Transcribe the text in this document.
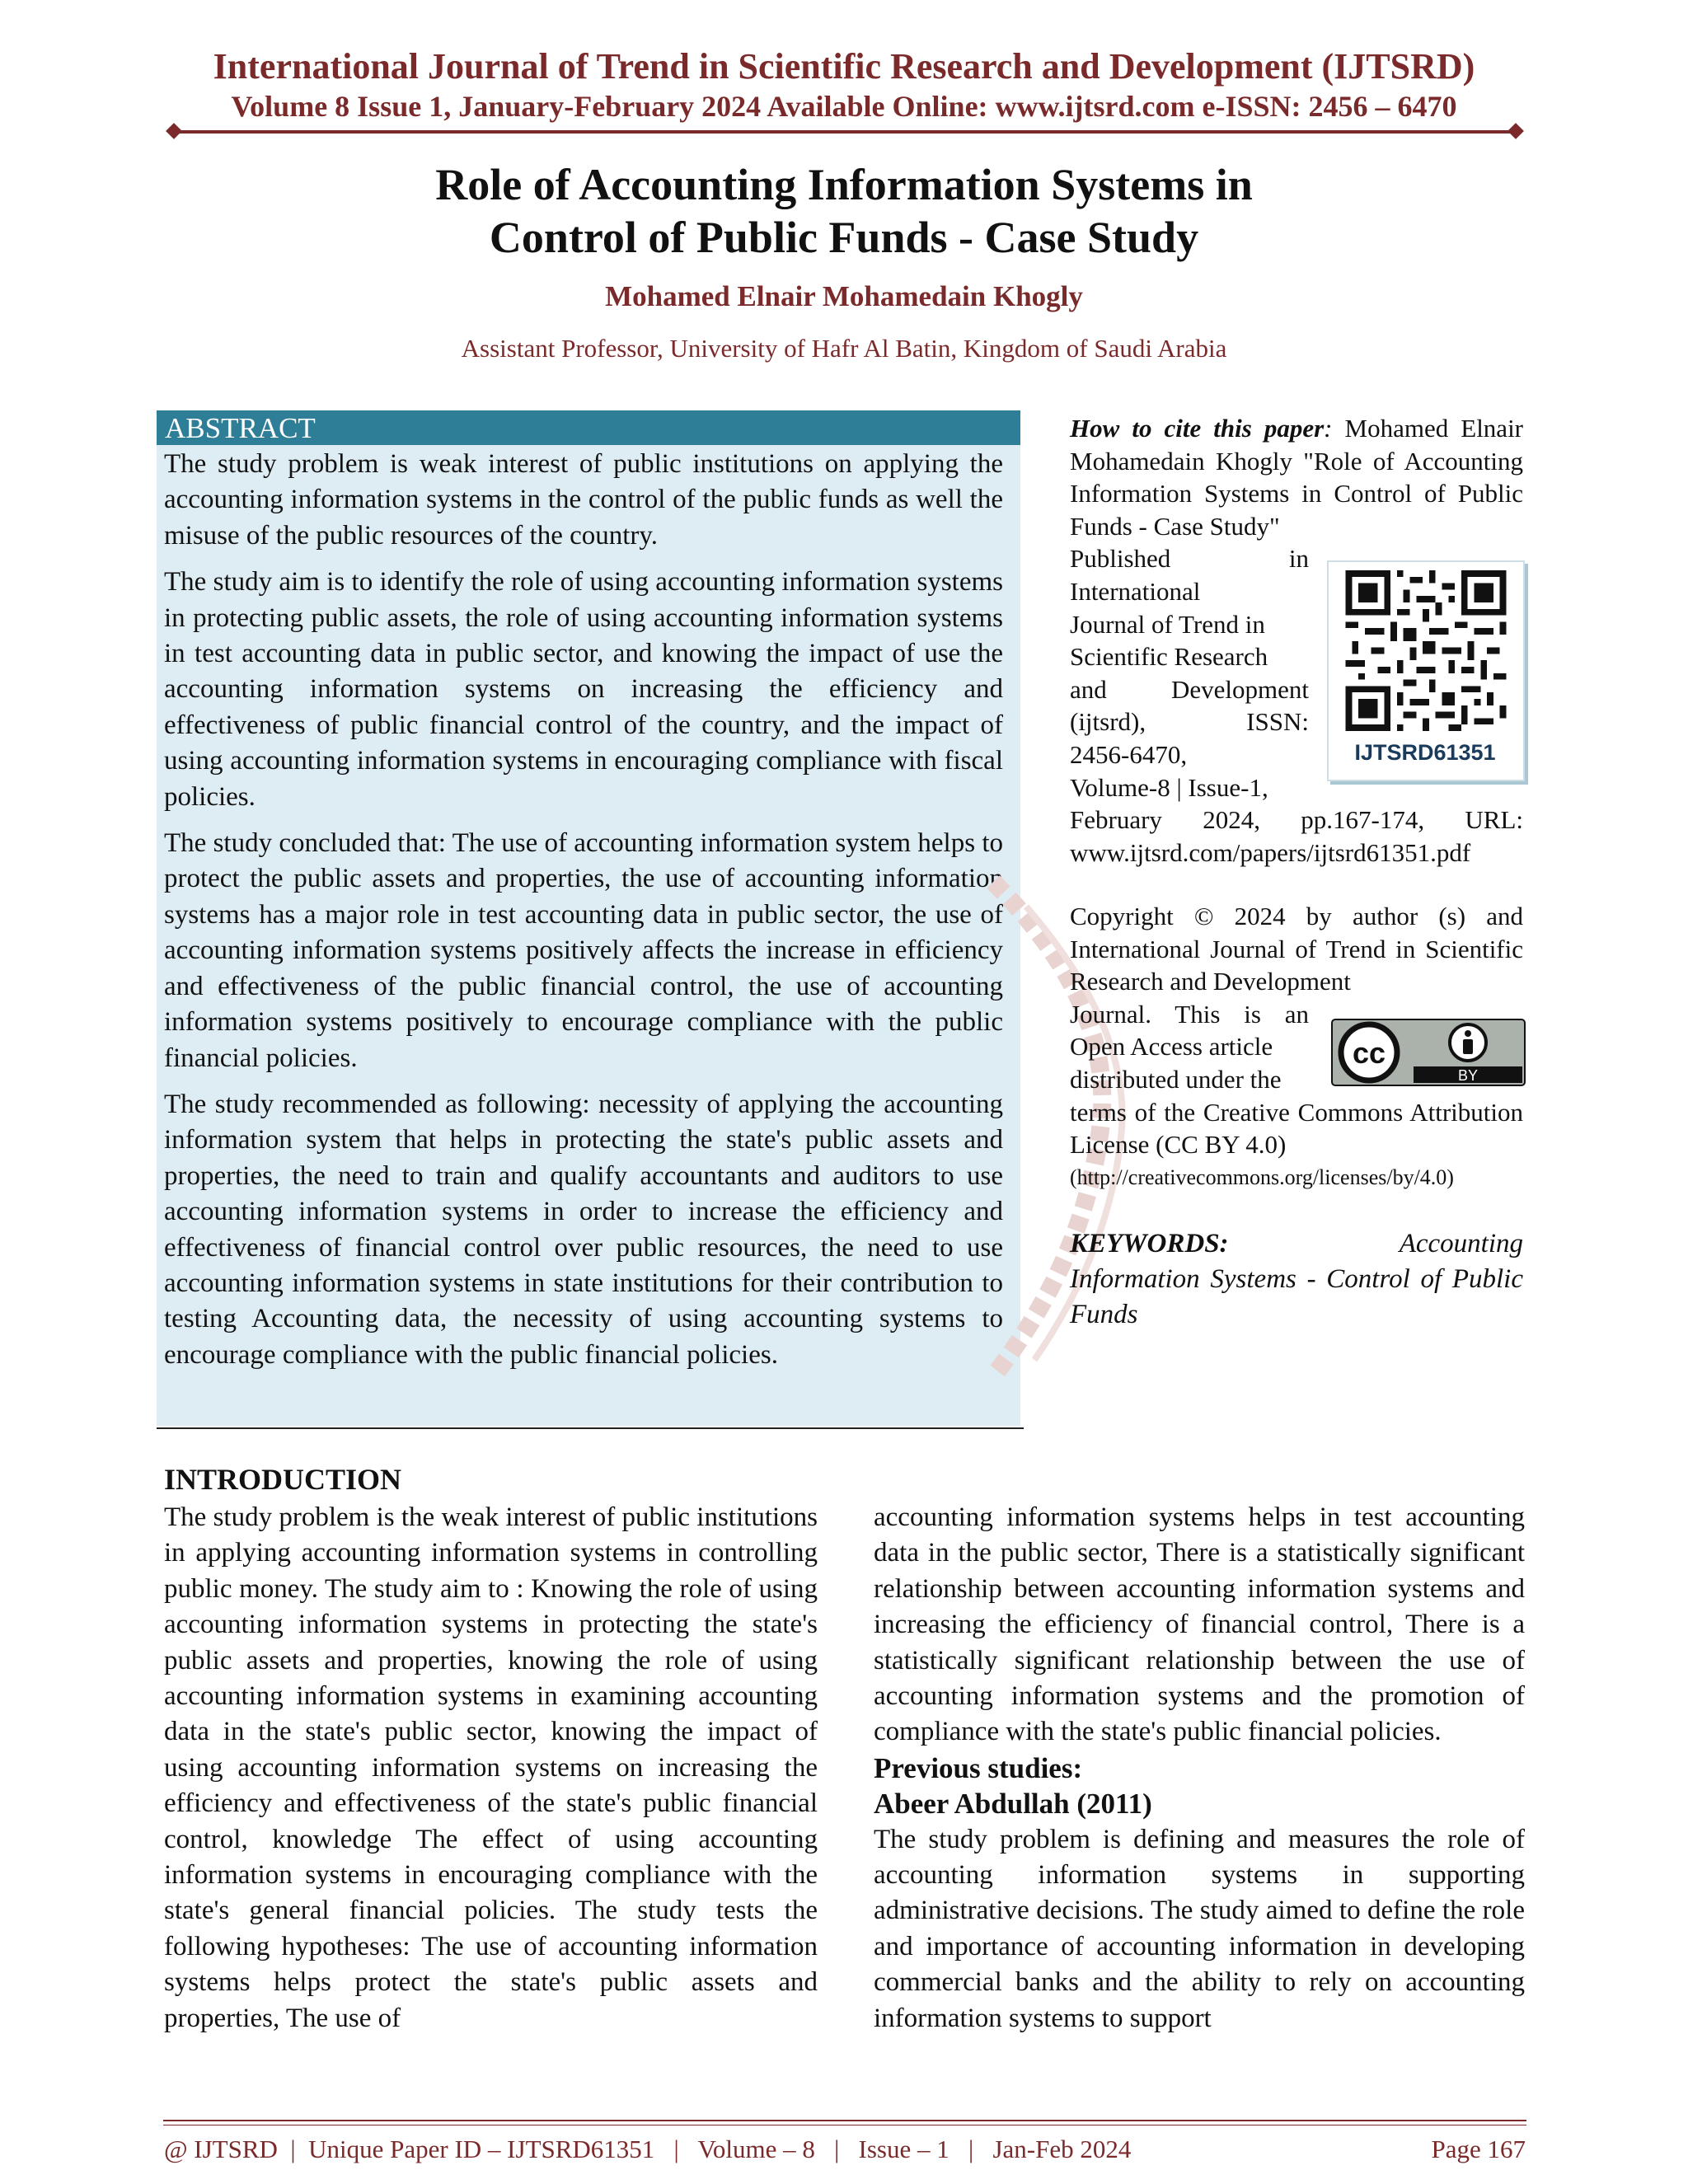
International Journal of Trend in Scientific Research and Development (IJTSRD)
Volume 8 Issue 1, January-February 2024 Available Online: www.ijtsrd.com e-ISSN: 2456 – 6470
Role of Accounting Information Systems in
Control of Public Funds - Case Study
Mohamed Elnair Mohamedain Khogly
Assistant Professor, University of Hafr Al Batin, Kingdom of Saudi Arabia
ABSTRACT

The study problem is weak interest of public institutions on applying the accounting information systems in the control of the public funds as well the misuse of the public resources of the country.

The study aim is to identify the role of using accounting information systems in protecting public assets, the role of using accounting information systems in test accounting data in public sector, and knowing the impact of use the accounting information systems on increasing the efficiency and effectiveness of public financial control of the country, and the impact of using accounting information systems in encouraging compliance with fiscal policies.

The study concluded that: The use of accounting information system helps to protect the public assets and properties, the use of accounting information systems has a major role in test accounting data in public sector, the use of accounting information systems positively affects the increase in efficiency and effectiveness of the public financial control, the use of accounting information systems positively to encourage compliance with the public financial policies.

The study recommended as following: necessity of applying the accounting information system that helps in protecting the state's public assets and properties, the need to train and qualify accountants and auditors to use accounting information systems in order to increase the efficiency and effectiveness of financial control over public resources, the need to use accounting information systems in state institutions for their contribution to testing Accounting data, the necessity of using accounting systems to encourage compliance with the public financial policies.

How to cite this paper: Mohamed Elnair Mohamedain Khogly "Role of Accounting Information Systems in Control of Public Funds - Case Study"

Published in

International

Journal of Trend in

Scientific Research

and Development

(ijtsrd), ISSN:

2456-6470,

Volume-8 | Issue-1,

February 2024, pp.167-174, URL: www.ijtsrd.com/papers/ijtsrd61351.pdf

IJTSRD61351

Copyright © 2024 by author (s) and International Journal of Trend in Scientific Research and Development

Journal. This is an

Open Access article

distributed under the

terms of the Creative Commons Attribution License (CC BY 4.0)

(http://creativecommons.org/licenses/by/4.0)

cc
BY
KEYWORDS:	Accounting Information Systems - Control of Public Funds
INTRODUCTION

The study problem is the weak interest of public institutions in applying accounting information systems in controlling public money. The study aim to : Knowing the role of using accounting information systems in protecting the state's public assets and properties, knowing the role of using accounting information systems in examining accounting data in the state's public sector, knowing the impact of using accounting information systems on increasing the efficiency and effectiveness of the state's public financial control, knowledge The effect of using accounting information systems in encouraging compliance with the state's general financial policies. The study tests the following hypotheses: The use of accounting information systems helps protect the state's public assets and properties, The use of

accounting information systems helps in test accounting data in the public sector, There is a statistically significant relationship between accounting information systems and increasing the efficiency of financial control, There is a statistically significant relationship between the use of accounting information systems and the promotion of compliance with the state's public financial policies.

Previous studies:

Abeer Abdullah (2011)

The study problem is defining and measures the role of accounting information systems in supporting administrative decisions. The study aimed to define the role and importance of accounting information in developing commercial banks and the ability to rely on accounting information systems to support

@ IJTSRD  |  Unique Paper ID – IJTSRD61351   |   Volume – 8   |   Issue – 1   |   Jan-Feb 2024	Page 167
